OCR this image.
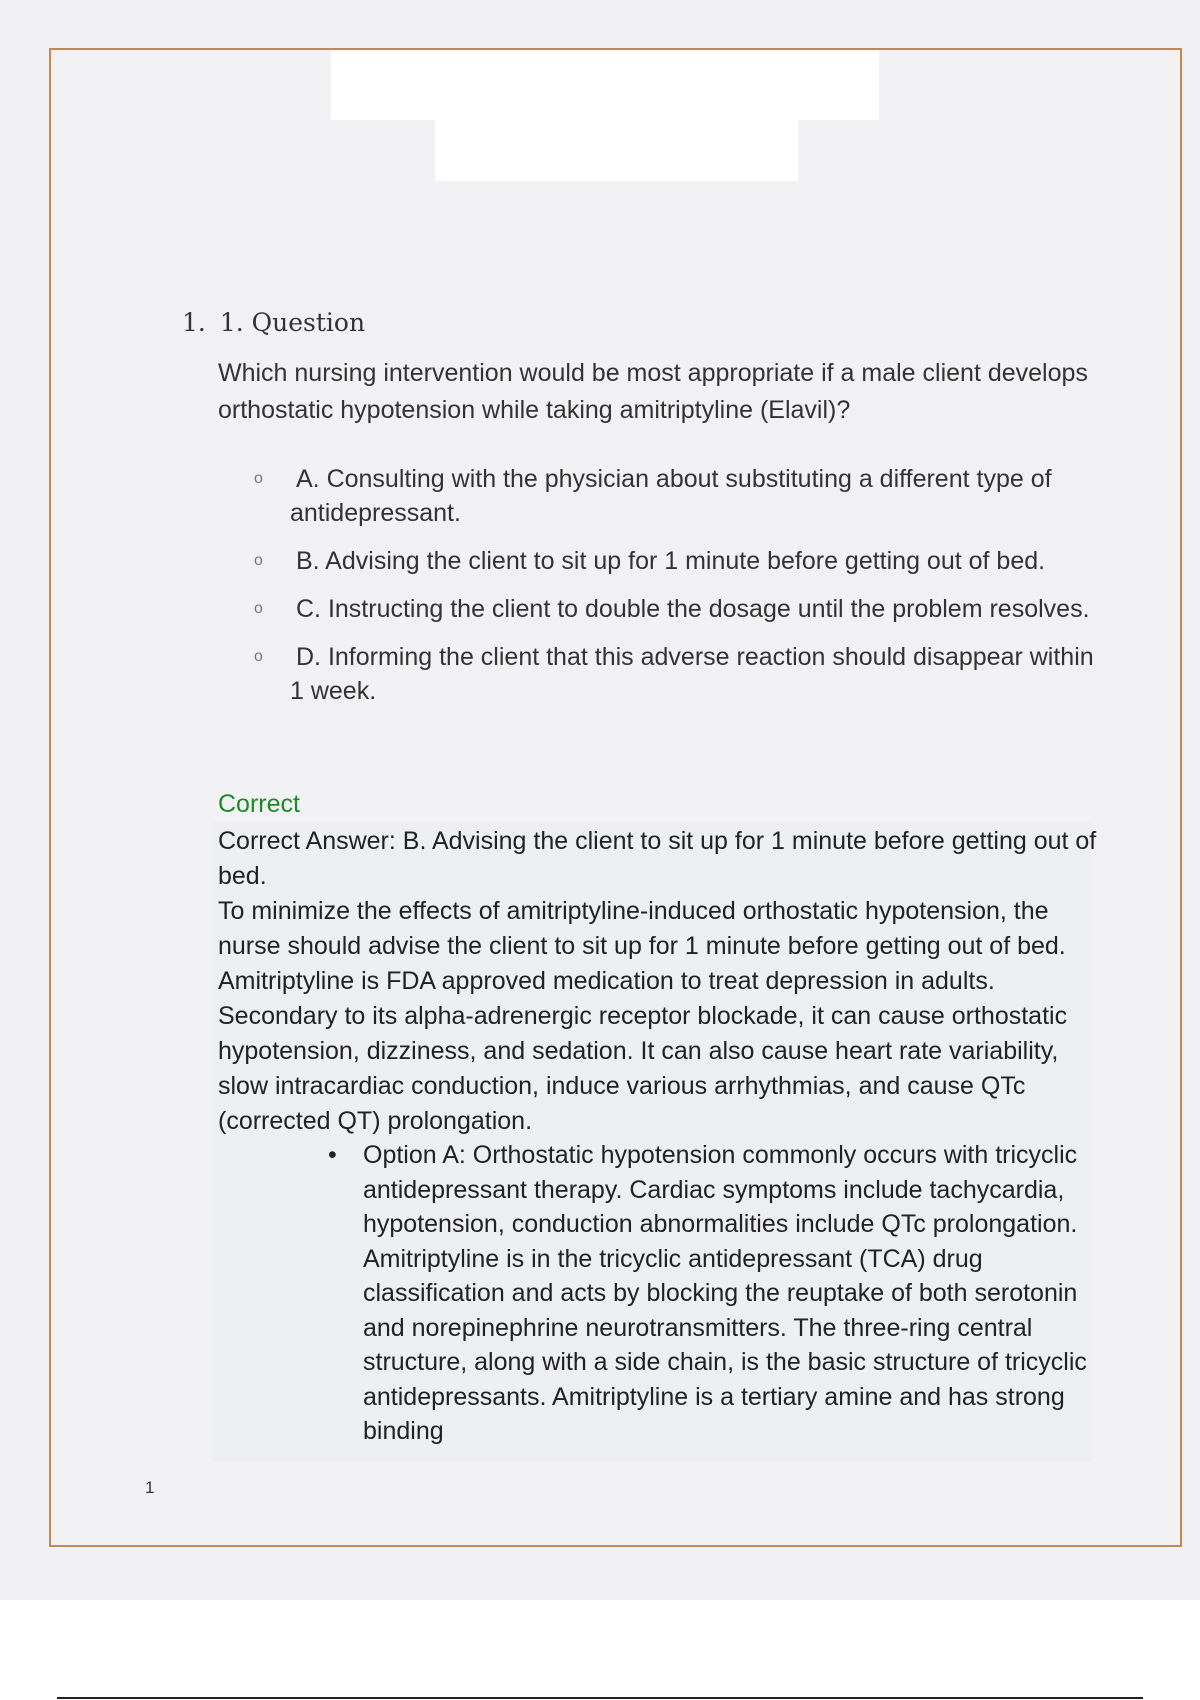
1. 1. Question
Which nursing intervention would be most appropriate if a male client develops orthostatic hypotension while taking amitriptyline (Elavil)?
o A. Consulting with the physician about substituting a different type of antidepressant.
o B. Advising the client to sit up for 1 minute before getting out of bed.
o C. Instructing the client to double the dosage until the problem resolves.
o D. Informing the client that this adverse reaction should disappear within 1 week.
Correct
Correct Answer: B. Advising the client to sit up for 1 minute before getting out of bed.
To minimize the effects of amitriptyline-induced orthostatic hypotension, the nurse should advise the client to sit up for 1 minute before getting out of bed. Amitriptyline is FDA approved medication to treat depression in adults. Secondary to its alpha-adrenergic receptor blockade, it can cause orthostatic hypotension, dizziness, and sedation. It can also cause heart rate variability, slow intracardiac conduction, induce various arrhythmias, and cause QTc (corrected QT) prolongation.
• Option A: Orthostatic hypotension commonly occurs with tricyclic antidepressant therapy. Cardiac symptoms include tachycardia, hypotension, conduction abnormalities include QTc prolongation. Amitriptyline is in the tricyclic antidepressant (TCA) drug classification and acts by blocking the reuptake of both serotonin and norepinephrine neurotransmitters. The three-ring central structure, along with a side chain, is the basic structure of tricyclic antidepressants. Amitriptyline is a tertiary amine and has strong binding
1
